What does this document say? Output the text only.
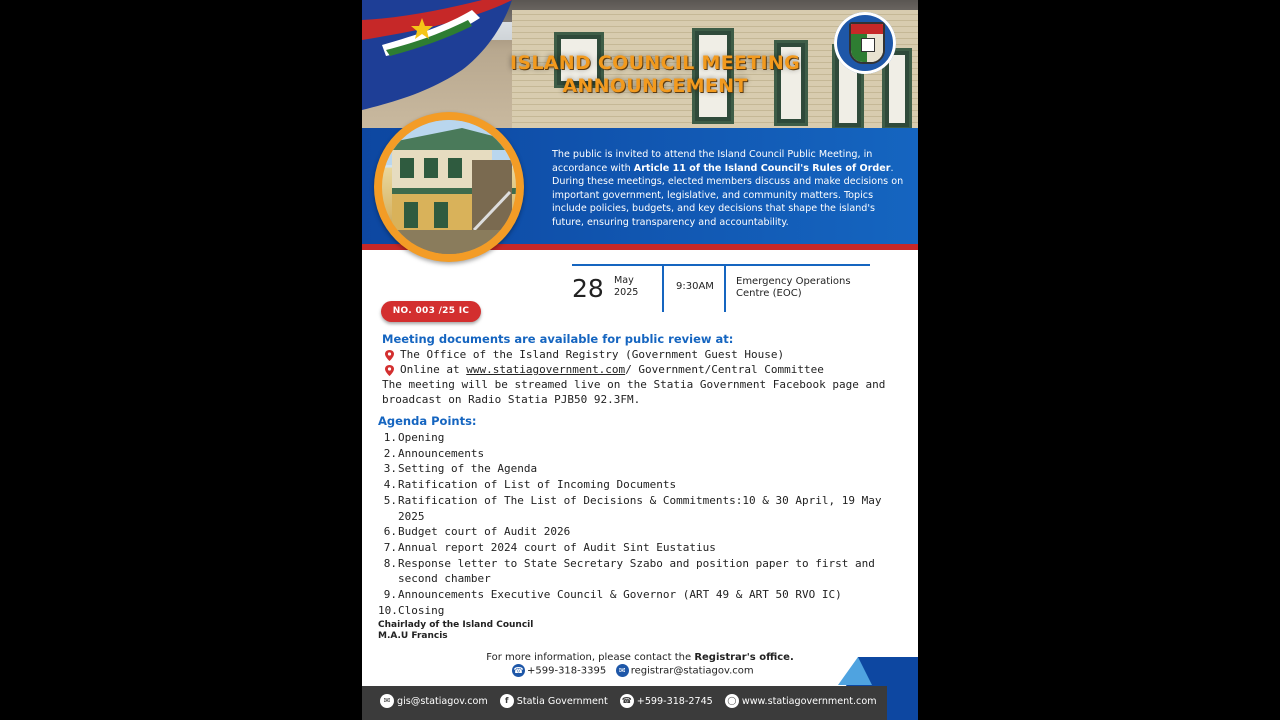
ISLAND COUNCIL MEETING
ANNOUNCEMENT
The public is invited to attend the Island Council Public Meeting, in accordance with Article 11 of the Island Council's Rules of Order. During these meetings, elected members discuss and make decisions on important government, legislative, and community matters. Topics include policies, budgets, and key decisions that shape the island's future, ensuring transparency and accountability.
28 May
2025
9:30AM Emergency Operations Centre (EOC)
NO. 003 /25 IC
Meeting documents are available for public review at:
The Office of the Island Registry (Government Guest House)
Online at www.statiagovernment.com/ Government/Central Committee
The meeting will be streamed live on the Statia Government Facebook page and
broadcast on Radio Statia PJB50 92.3FM.
Agenda Points:
1. Opening
2. Announcements
3. Setting of the Agenda
4. Ratification of List of Incoming Documents
5. Ratification of The List of Decisions & Commitments:10 & 30 April, 19 May 2025
6. Budget court of Audit 2026
7. Annual report 2024 court of Audit Sint Eustatius
8. Response letter to State Secretary Szabo and position paper to first and second chamber
9. Announcements Executive Council & Governor (ART 49 & ART 50 RVO IC)
10. Closing
Chairlady of the Island Council
M.A.U Francis
For more information, please contact the Registrar's office.
☎ +599-318-3395 ✉ registrar@statiagov.com
✉ gis@statiagov.com f Statia Government ☎ +599-318-2745 ◯ www.statiagovernment.com
